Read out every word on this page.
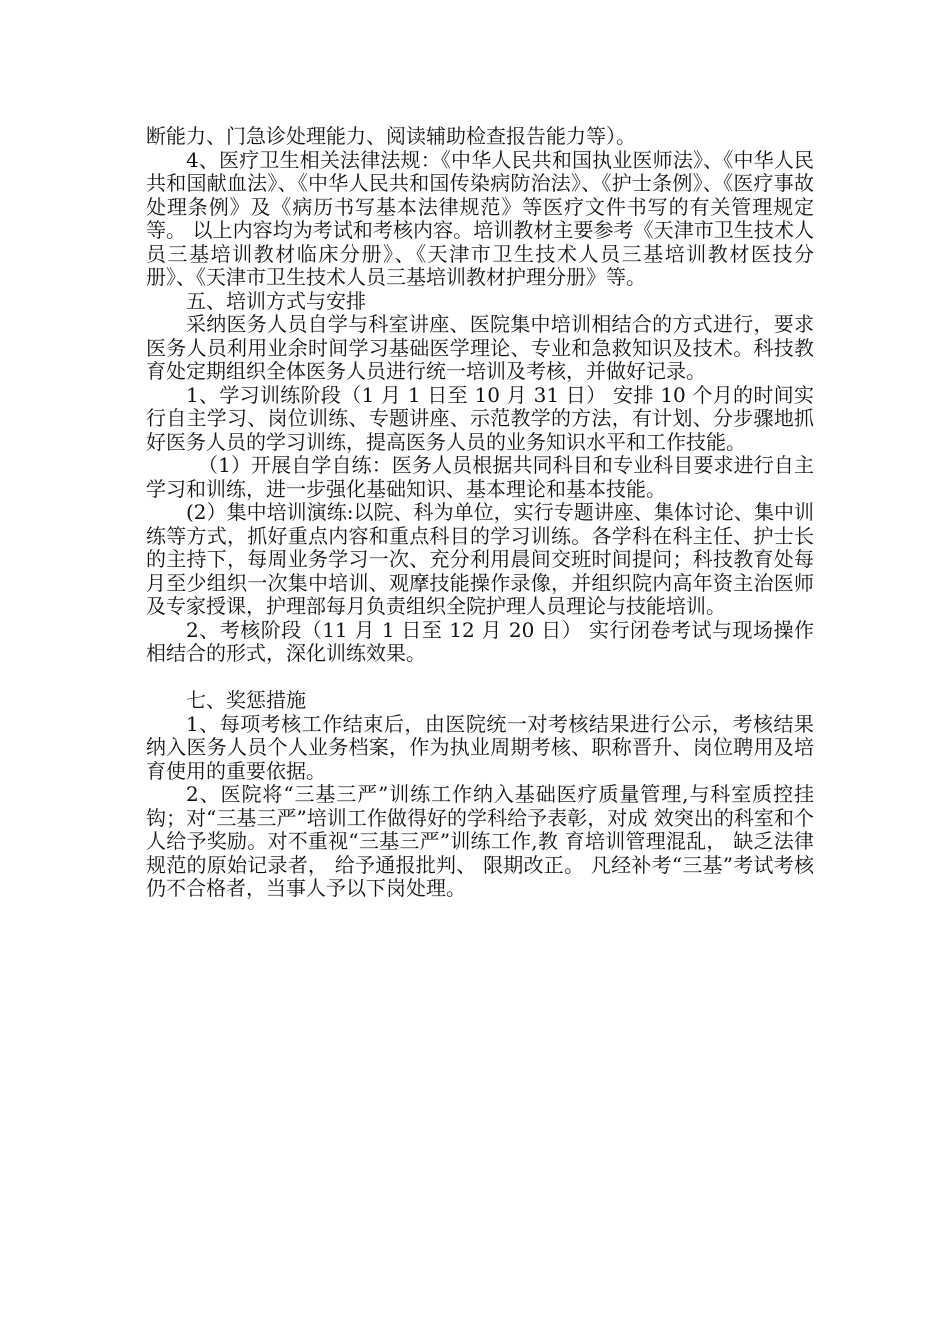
断能力、门急诊处理能力、阅读辅助检查报告能力等）。

4、医疗卫生相关法律法规：《中华人民共和国执业医师法》、《中华人民共和国献血法》、《中华人民共和国传染病防治法》、《护士条例》、《医疗事故处理条例》及《病历书写基本法律规范》等医疗文件书写的有关管理规定等。 以上内容均为考试和考核内容。培训教材主要参考《天津市卫生技术人员三基培训教材临床分册》、《天津市卫生技术人员三基培训教材医技分册》、《天津市卫生技术人员三基培训教材护理分册》等。

五、培训方式与安排

采纳医务人员自学与科室讲座、医院集中培训相结合的方式进行，要求医务人员利用业余时间学习基础医学理论、专业和急救知识及技术。科技教育处定期组织全体医务人员进行统一培训及考核，并做好记录。

1、学习训练阶段（1 月 1 日至 10 月 31 日） 安排 10 个月的时间实行自主学习、岗位训练、专题讲座、示范教学的方法，有计划、分步骤地抓好医务人员的学习训练，提高医务人员的业务知识水平和工作技能。

（1）开展自学自练：医务人员根据共同科目和专业科目要求进行自主学习和训练，进一步强化基础知识、基本理论和基本技能。

(2）集中培训演练:以院、科为单位，实行专题讲座、集体讨论、集中训练等方式，抓好重点内容和重点科目的学习训练。各学科在科主任、护士长的主持下，每周业务学习一次、充分利用晨间交班时间提问；科技教育处每月至少组织一次集中培训、观摩技能操作录像，并组织院内高年资主治医师及专家授课，护理部每月负责组织全院护理人员理论与技能培训。

2、考核阶段（11 月 1 日至 12 月 20 日） 实行闭卷考试与现场操作相结合的形式，深化训练效果。

七、奖惩措施

1、每项考核工作结束后，由医院统一对考核结果进行公示，考核结果纳入医务人员个人业务档案，作为执业周期考核、职称晋升、岗位聘用及培育使用的重要依据。

2、医院将“三基三严”训练工作纳入基础医疗质量管理,与科室质控挂钩；对“三基三严”培训工作做得好的学科给予表彰，对成 效突出的科室和个人给予奖励。对不重视“三基三严”训练工作,教 育培训管理混乱， 缺乏法律规范的原始记录者， 给予通报批判、 限期改正。 凡经补考“三基”考试考核仍不合格者，当事人予以下岗处理。
